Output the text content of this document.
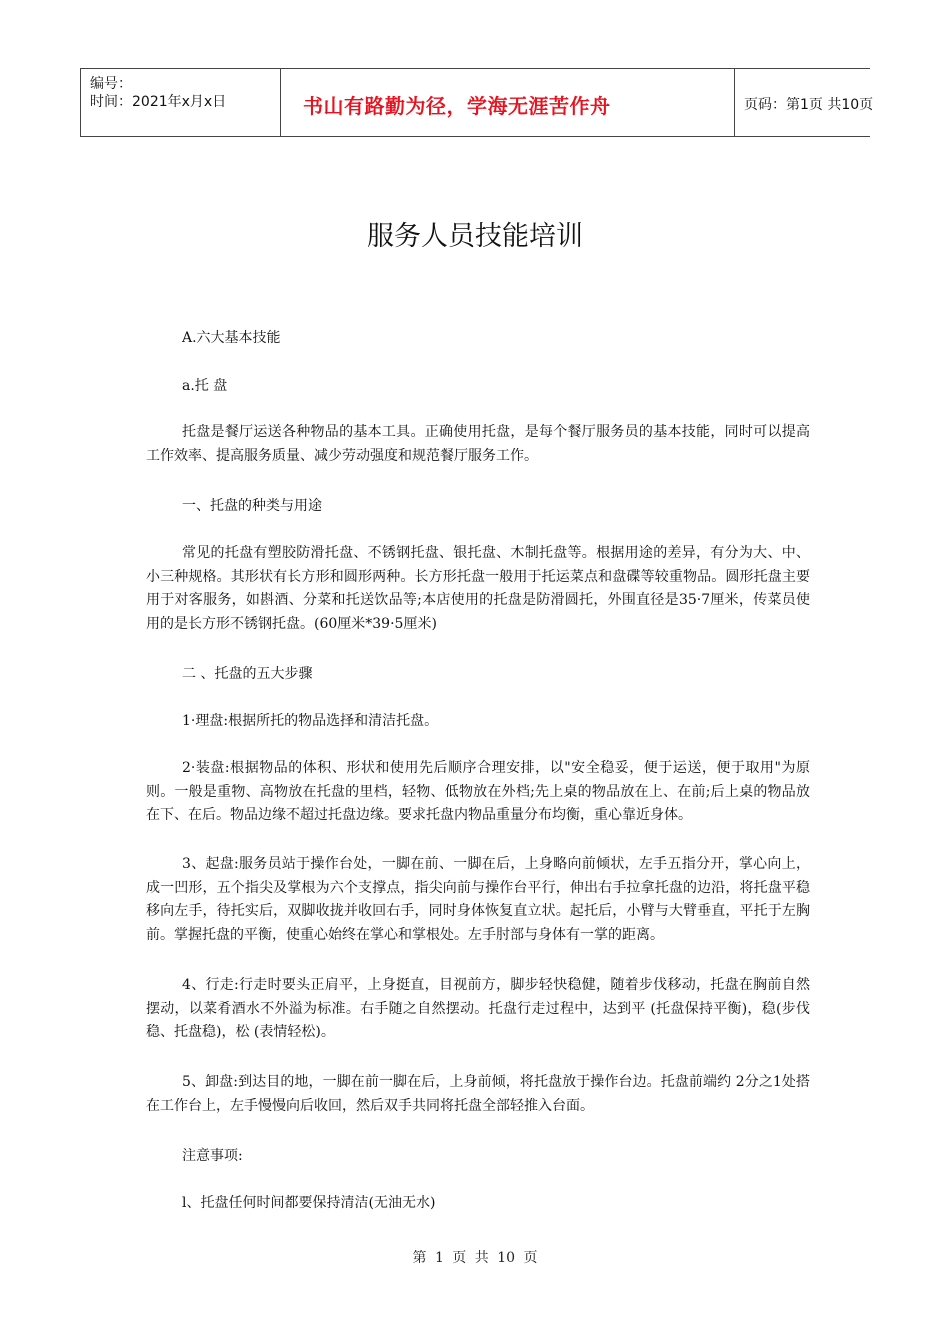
编号：
时间：2021年x月x日	书山有路勤为径，学海无涯苦作舟	页码：第1页 共10页
服务人员技能培训

A.六大基本技能

a.托 盘

托盘是餐厅运送各种物品的基本工具。正确使用托盘，是每个餐厅服务员的基本技能，同时可以提高工作效率、提高服务质量、减少劳动强度和规范餐厅服务工作。

一、托盘的种类与用途

常见的托盘有塑胶防滑托盘、不锈钢托盘、银托盘、木制托盘等。根据用途的差异，有分为大、中、小三种规格。其形状有长方形和圆形两种。长方形托盘一般用于托运菜点和盘碟等较重物品。圆形托盘主要用于对客服务，如斟酒、分菜和托送饮品等;本店使用的托盘是防滑圆托，外围直径是35·7厘米，传菜员使用的是长方形不锈钢托盘。(60厘米*39·5厘米)

二 、托盘的五大步骤

1·理盘:根据所托的物品选择和清洁托盘。

2·装盘:根据物品的体积、形状和使用先后顺序合理安排，以"安全稳妥，便于运送，便于取用"为原则。一般是重物、高物放在托盘的里档，轻物、低物放在外档;先上桌的物品放在上、在前;后上桌的物品放在下、在后。物品边缘不超过托盘边缘。要求托盘内物品重量分布均衡，重心靠近身体。

3、起盘:服务员站于操作台处，一脚在前、一脚在后，上身略向前倾状，左手五指分开，掌心向上，成一凹形，五个指尖及掌根为六个支撑点，指尖向前与操作台平行，伸出右手拉拿托盘的边沿，将托盘平稳移向左手，待托实后，双脚收拢并收回右手，同时身体恢复直立状。起托后，小臂与大臂垂直，平托于左胸前。掌握托盘的平衡，使重心始终在掌心和掌根处。左手肘部与身体有一掌的距离。

4、行走:行走时要头正肩平，上身挺直，目视前方，脚步轻快稳健，随着步伐移动，托盘在胸前自然摆动，以菜肴酒水不外溢为标准。右手随之自然摆动。托盘行走过程中，达到平 (托盘保持平衡)，稳(步伐稳、托盘稳)，松 (表情轻松)。

5、卸盘:到达目的地，一脚在前一脚在后，上身前倾，将托盘放于操作台边。托盘前端约 2分之1处搭在工作台上，左手慢慢向后收回，然后双手共同将托盘全部轻推入台面。

注意事项:

l、托盘任何时间都要保持清洁(无油无水)

第 1 页 共 10 页
